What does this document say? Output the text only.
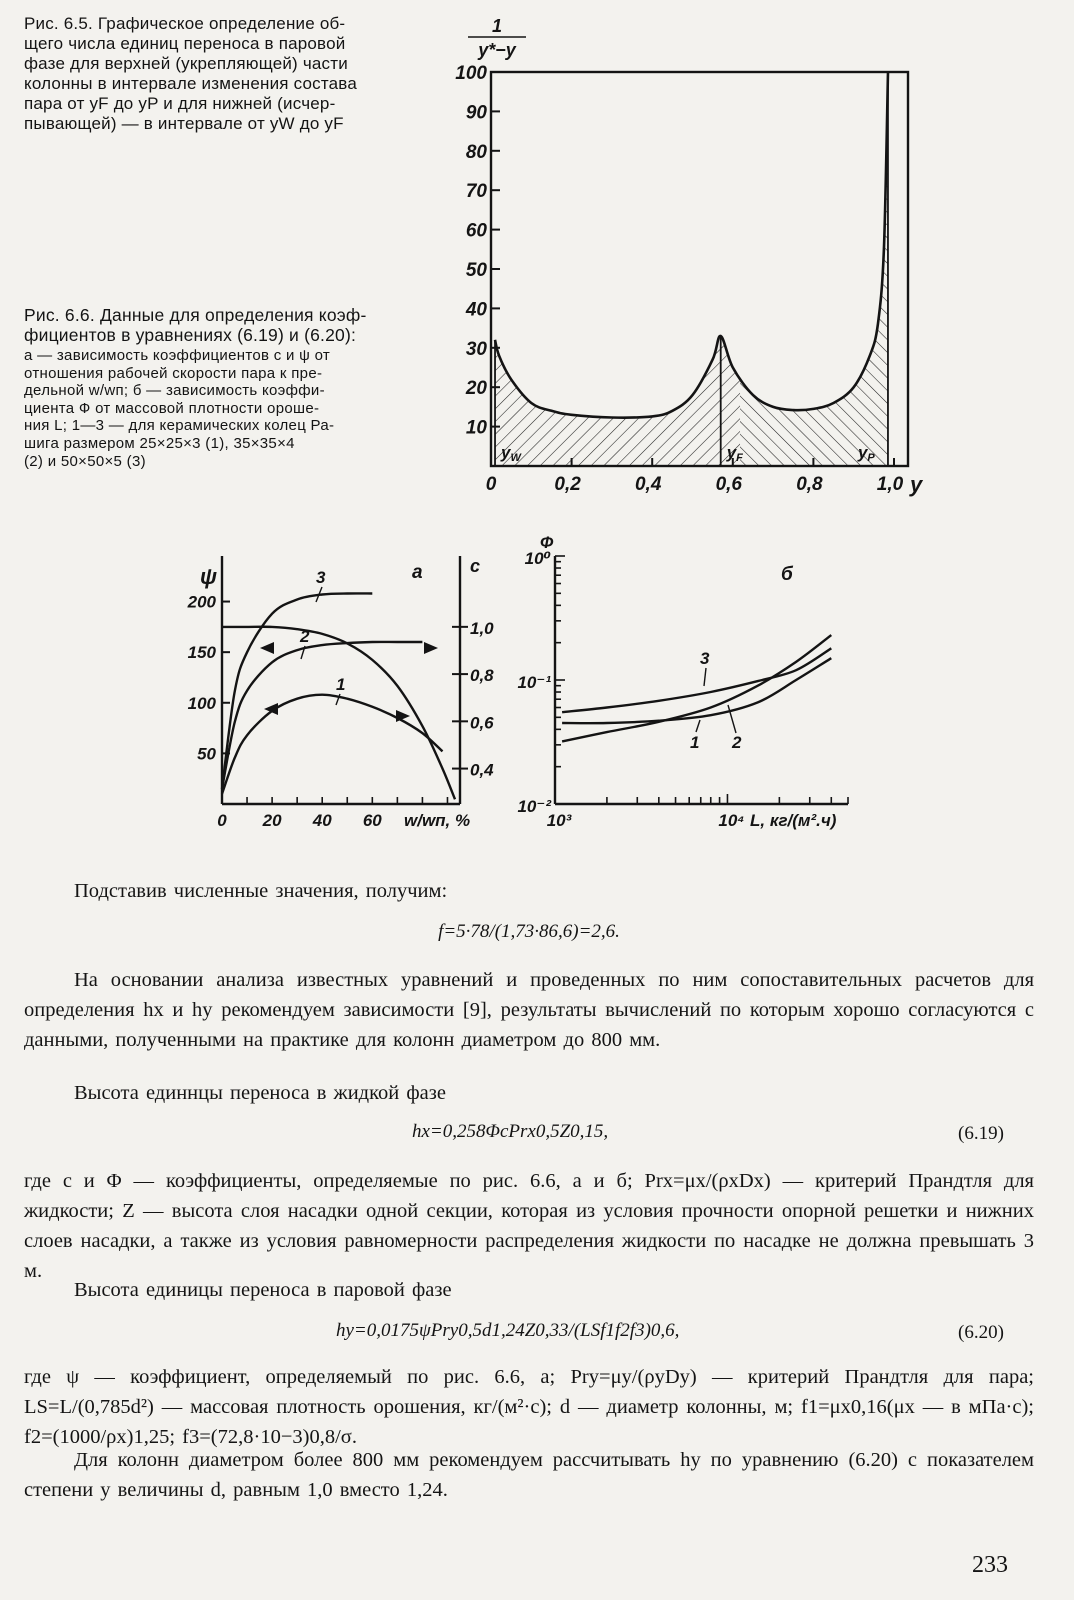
Рис. 6.5. Графическое определение об-
щего числа единиц переноса в паровой
фазе для верхней (укрепляющей) части
колонны в интервале изменения состава
пара от yF до yP и для нижней (исчер-
пывающей) — в интервале от yW до yF
Рис. 6.6. Данные для определения коэф-
фициентов в уравнениях (6.19) и (6.20):
а — зависимость коэффициентов c и ψ от
отношения рабочей скорости пара к пре-
дельной w/wп; б — зависимость коэффи-
циента Ф от массовой плотности ороше-
ния L; 1—3 — для керамических колец Ра-
шига размером 25×25×3 (1), 35×35×4
(2) и 50×50×5 (3)
10
20
30
40
50
60
70
80
90
100
0	0,2	0,4	0,6	0,8	1,0 y
1
y*−y
yW	yF	yP
50
100
150
200
0,4
0,6
0,8
1,0
0 20 40 60 w/wп, %
ψ	c
а
1
2
3
10⁻²
10⁻¹
10⁰
10³	10⁴ L, кг/(м².ч)
Ф
б
1 2
3
Подставив численные значения, получим:
f=5·78/(1,73·86,6)=2,6.
На основании анализа известных уравнений и проведенных по ним сопоставительных расчетов для определения hx и hy рекомендуем зависимости [9], результаты вычислений по которым хорошо согласуются с данными, полученными на практике для колонн диаметром до 800 мм.
Высота единнцы переноса в жидкой фазе
hx=0,258ΦcPrx0,5Z0,15,	(6.19)
где c и Φ — коэффициенты, определяемые по рис. 6.6, а и б; Prx=μx/(ρxDx) — критерий Прандтля для жидкости; Z — высота слоя насадки одной секции, которая из условия прочности опорной решетки и нижних слоев насадки, а также из условия равномерности распределения жидкости по насадке не должна превышать 3 м.
Высота единицы переноса в паровой фазе
hy=0,0175ψPry0,5d1,24Z0,33/(LSf1f2f3)0,6,	(6.20)
где ψ — коэффициент, определяемый по рис. 6.6, а; Pry=μy/(ρyDy) — критерий Прандтля для пара; LS=L/(0,785d²) — массовая плотность орошения, кг/(м²·с); d — диаметр колонны, м; f1=μx0,16(μx — в мПа·с); f2=(1000/ρx)1,25; f3=(72,8·10−3)0,8/σ.
Для колонн диаметром более 800 мм рекомендуем рассчитывать hy по уравнению (6.20) с показателем степени у величины d, равным 1,0 вместо 1,24.
233
